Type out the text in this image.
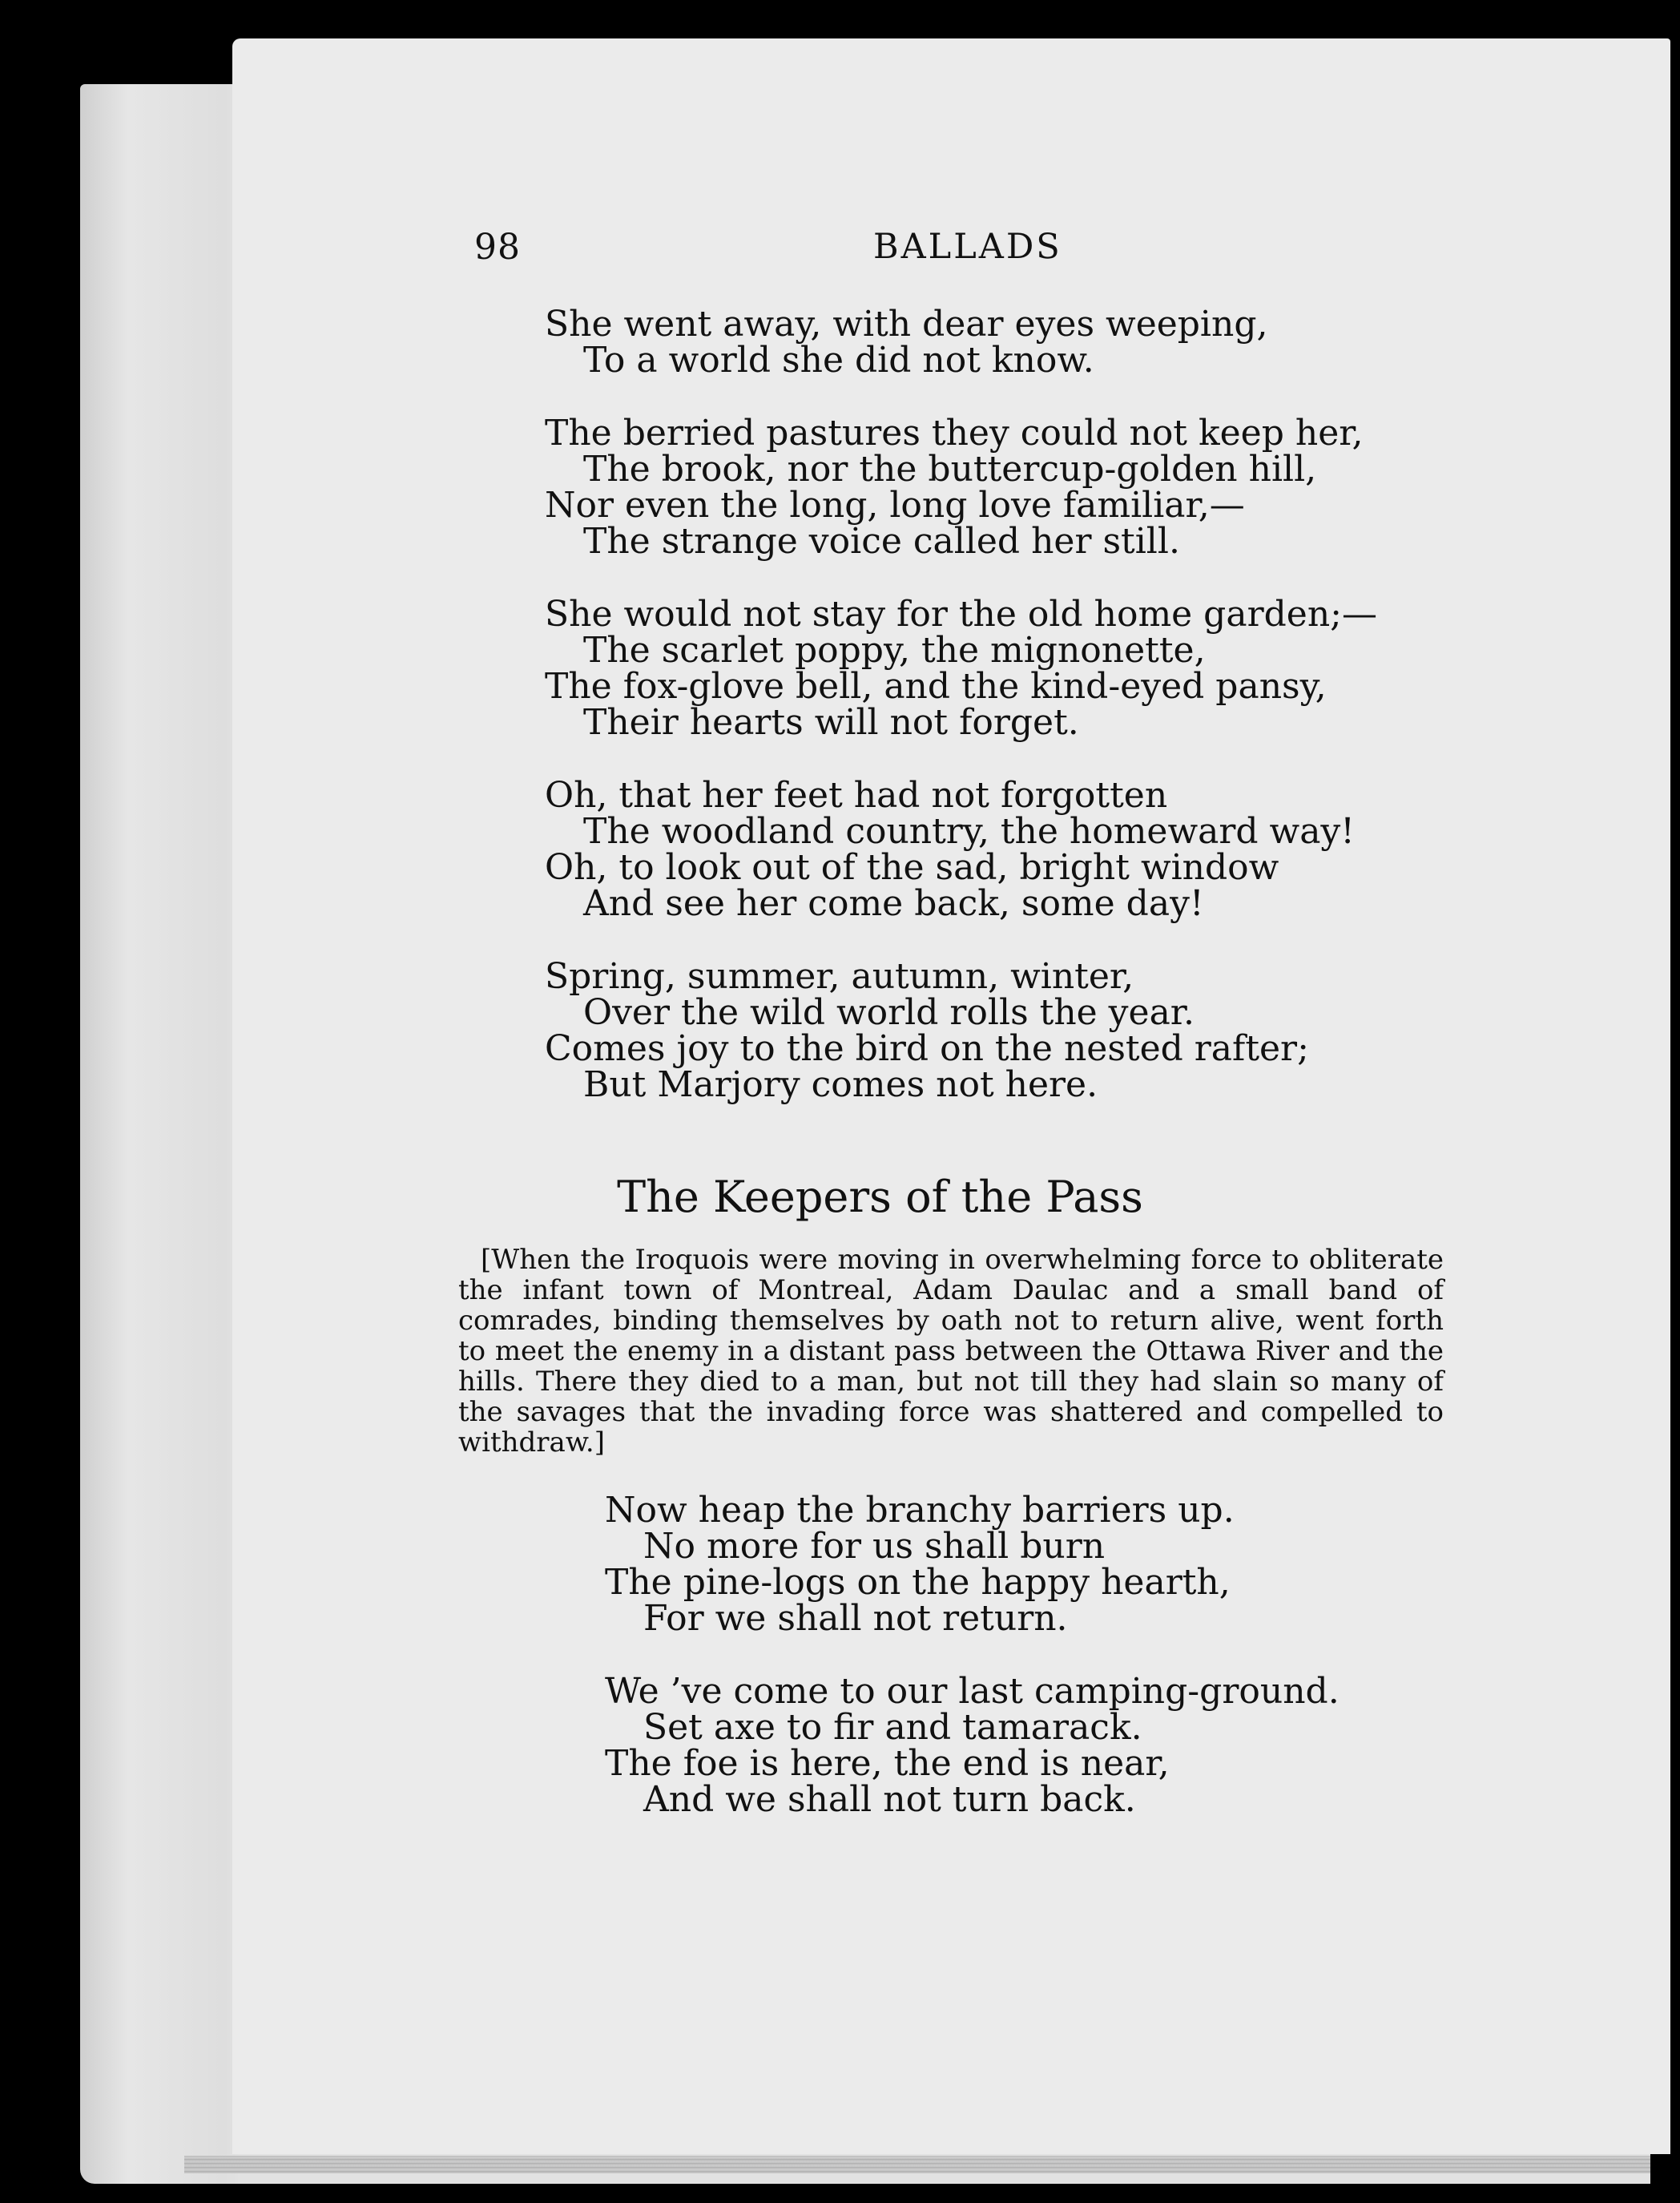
98	BALLADS

She went away, with dear eyes weeping,
To a world she did not know.

The berried pastures they could not keep her,
The brook, nor the buttercup-golden hill,
Nor even the long, long love familiar,—
The strange voice called her still.

She would not stay for the old home garden;—
The scarlet poppy, the mignonette,
The fox-glove bell, and the kind-eyed pansy,
Their hearts will not forget.

Oh, that her feet had not forgotten
The woodland country, the homeward way!
Oh, to look out of the sad, bright window
And see her come back, some day!

Spring, summer, autumn, winter,
Over the wild world rolls the year.
Comes joy to the bird on the nested rafter;
But Marjory comes not here.

The Keepers of the Pass
[When the Iroquois were moving in overwhelming force to obliterate the infant town of Montreal, Adam Daulac and a small band of comrades, binding themselves by oath not to return alive, went forth to meet the enemy in a distant pass between the Ottawa River and the hills. There they died to a man, but not till they had slain so many of the savages that the invading force was shattered and compelled to withdraw.]

Now heap the branchy barriers up.
No more for us shall burn
The pine-logs on the happy hearth,
For we shall not return.

We ’ve come to our last camping-ground.
Set axe to fir and tamarack.
The foe is here, the end is near,
And we shall not turn back.
